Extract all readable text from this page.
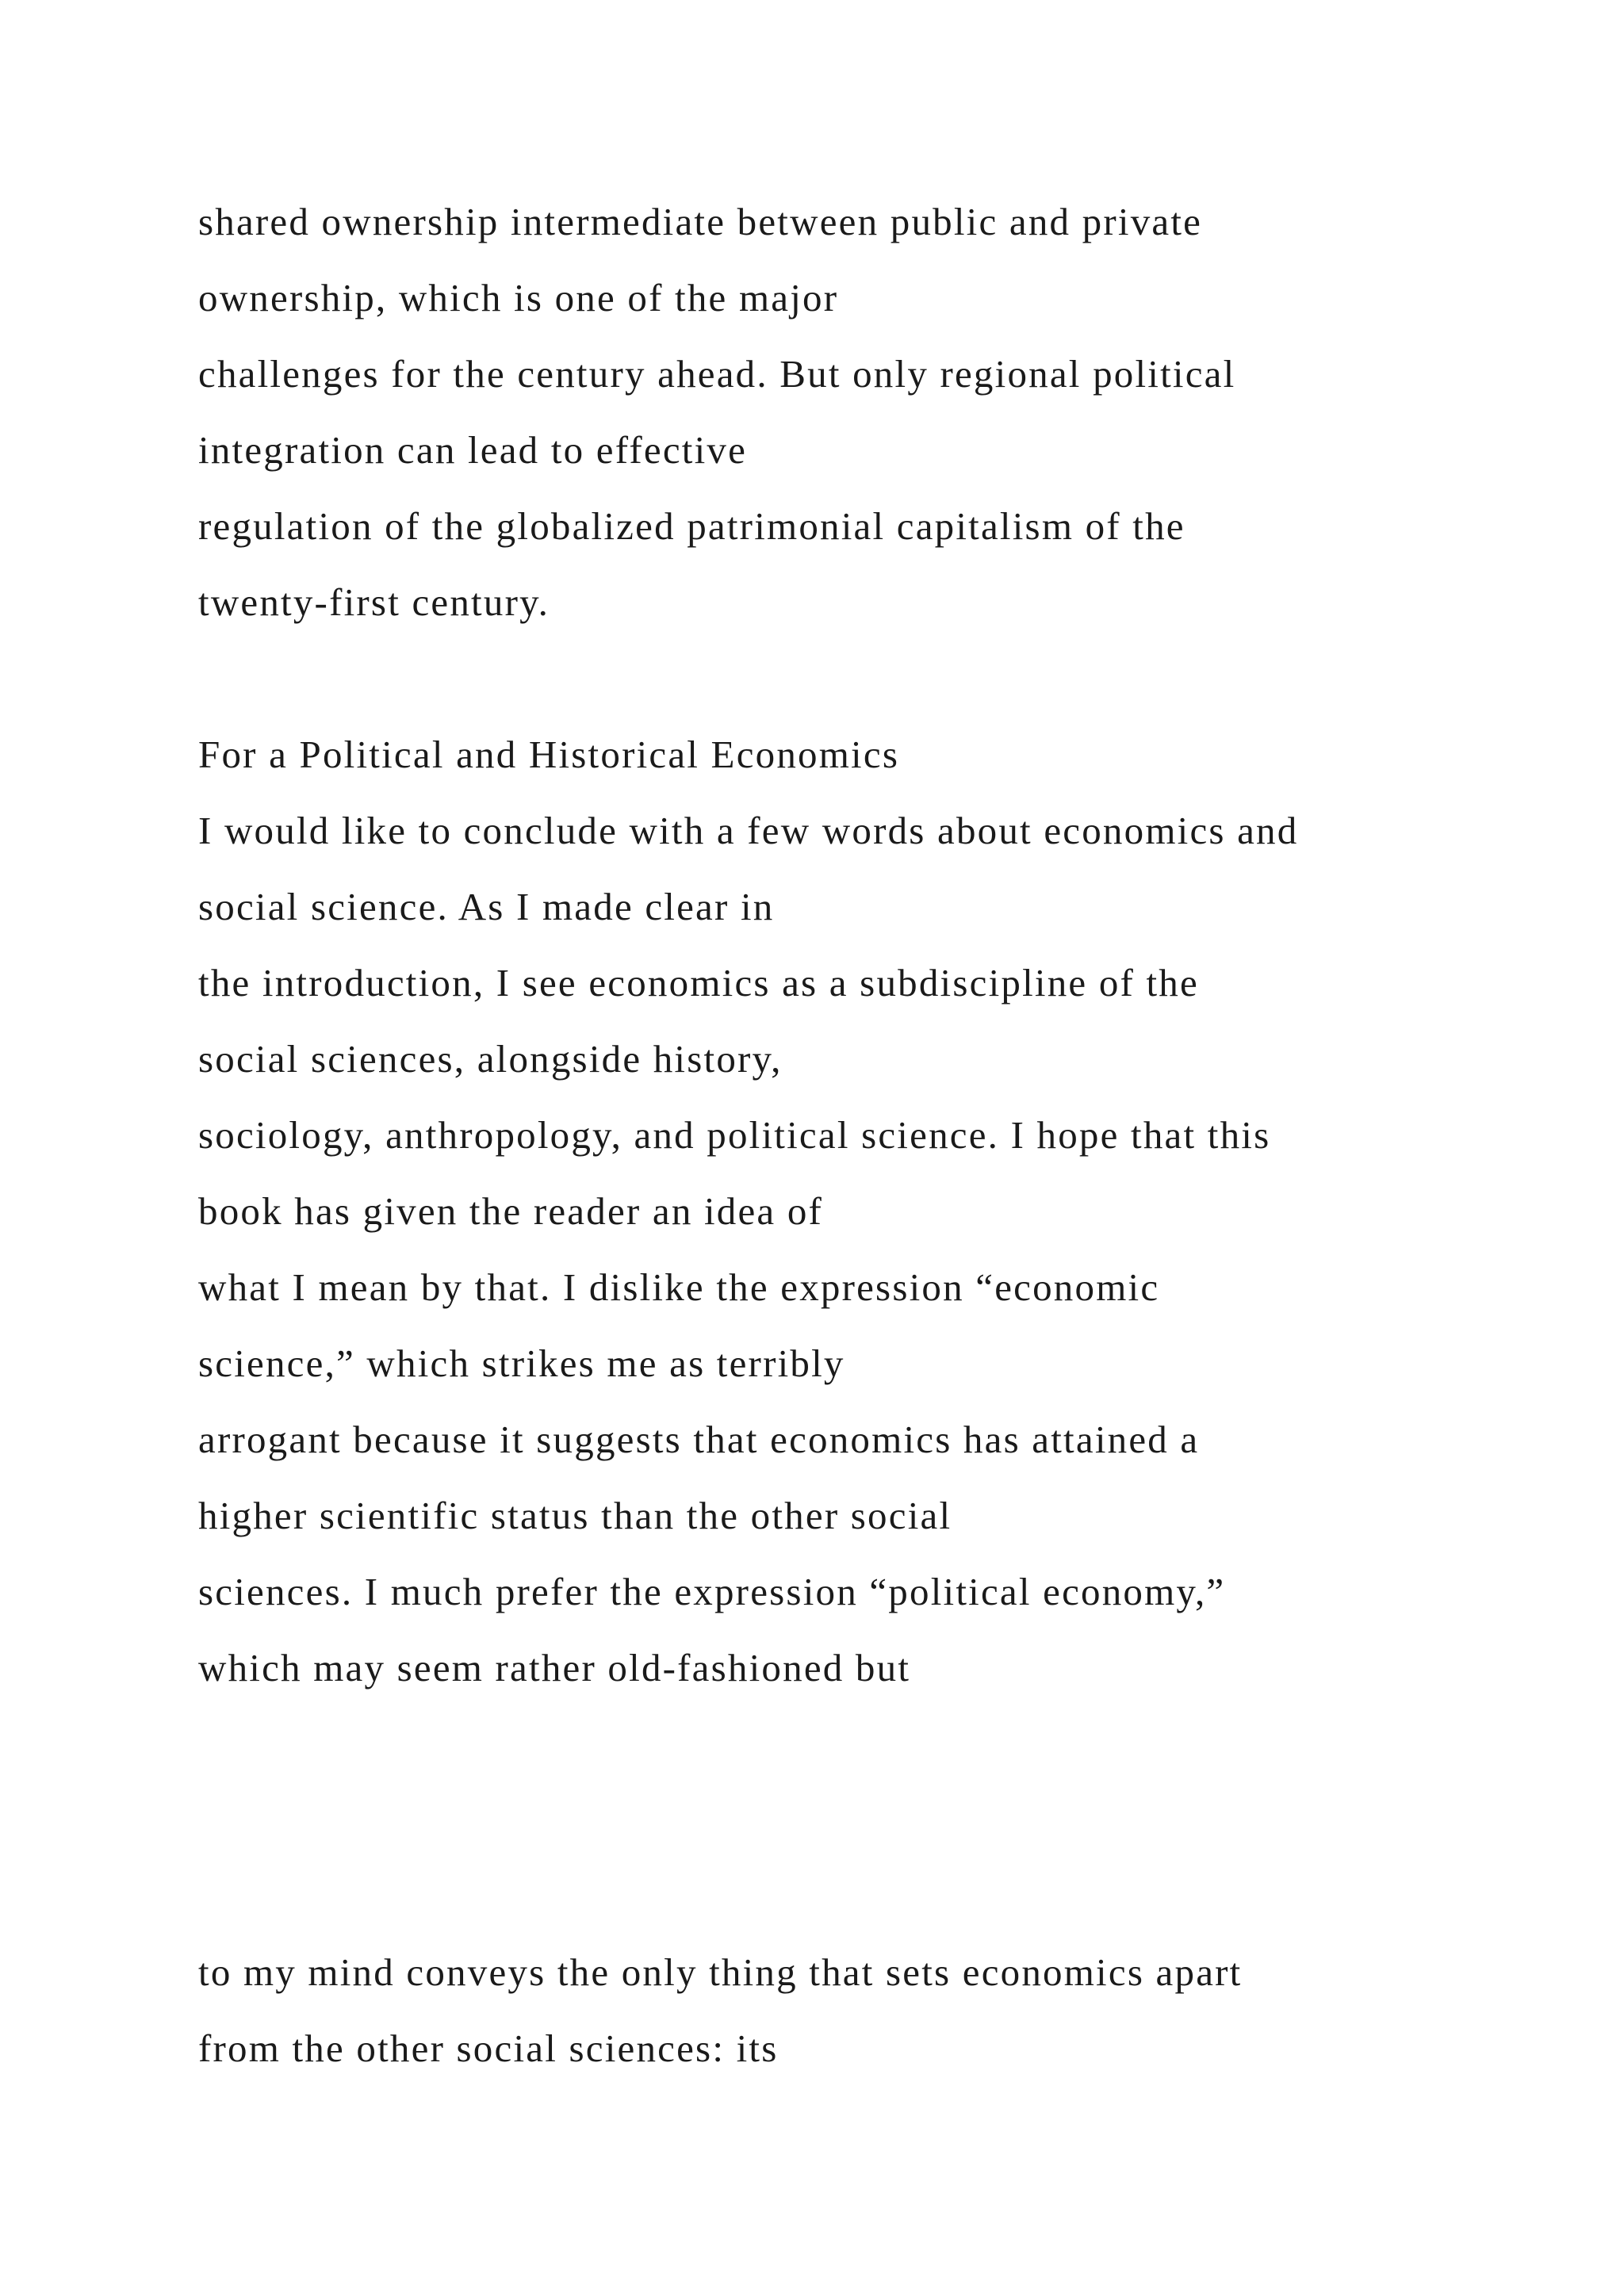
shared ownership intermediate between public and private

ownership, which is one of the major

challenges for the century ahead. But only regional political

integration can lead to effective

regulation of the globalized patrimonial capitalism of the

twenty-first century.

For a Political and Historical Economics

I would like to conclude with a few words about economics and

social science. As I made clear in

the introduction, I see economics as a subdiscipline of the

social sciences, alongside history,

sociology, anthropology, and political science. I hope that this

book has given the reader an idea of

what I mean by that. I dislike the expression “economic

science,” which strikes me as terribly

arrogant because it suggests that economics has attained a

higher scientific status than the other social

sciences. I much prefer the expression “political economy,”

which may seem rather old-fashioned but

to my mind conveys the only thing that sets economics apart

from the other social sciences: its
